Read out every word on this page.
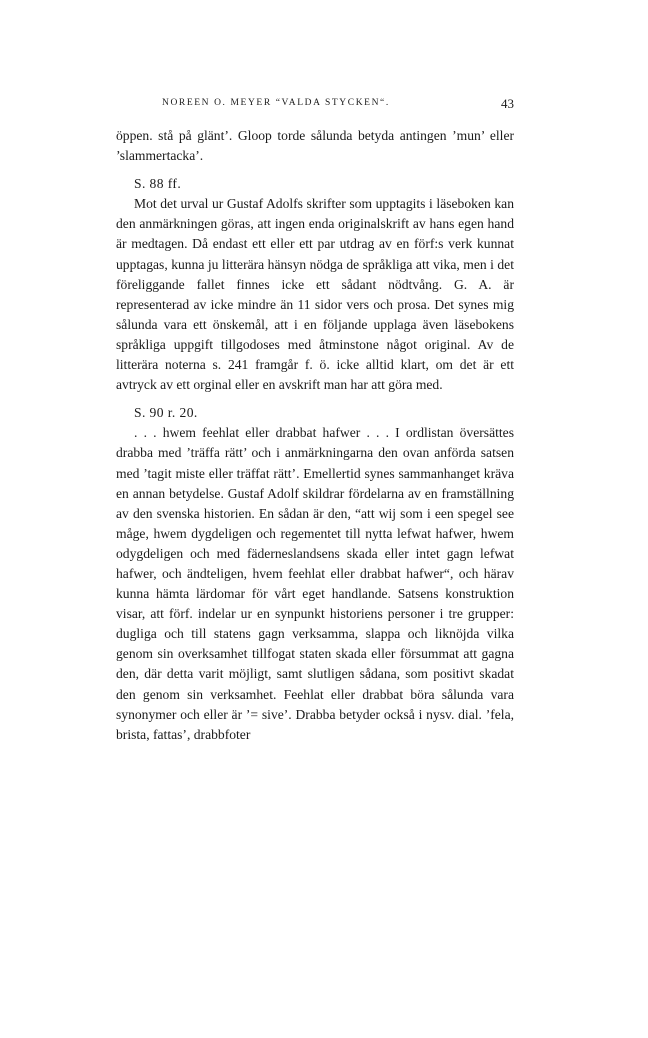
NOREEN O. MEYER “VALDA STYCKEN“.	43

öppen. stå på glänt’. Gloop torde sålunda betyda antingen ’mun’ eller ’slammertacka’.

S. 88 ff.

Mot det urval ur Gustaf Adolfs skrifter som upptagits i läseboken kan den anmärkningen göras, att ingen enda originalskrift av hans egen hand är medtagen. Då endast ett eller ett par utdrag av en förf:s verk kunnat upptagas, kunna ju litterära hänsyn nödga de språkliga att vika, men i det föreliggande fallet finnes icke ett sådant nödtvång. G. A. är representerad av icke mindre än 11 sidor vers och prosa. Det synes mig sålunda vara ett önskemål, att i en följande upplaga även läsebokens språkliga uppgift tillgodoses med åtminstone något original. Av de litterära noterna s. 241 framgår f. ö. icke alltid klart, om det är ett avtryck av ett orginal eller en avskrift man har att göra med.

S. 90 r. 20.

. . . hwem feehlat eller drabbat hafwer . . . I ordlistan översättes drabba med ’träffa rätt’ och i anmärkningarna den ovan anförda satsen med ’tagit miste eller träffat rätt’. Emellertid synes sammanhanget kräva en annan betydelse. Gustaf Adolf skildrar fördelarna av en framställning av den svenska historien. En sådan är den, “att wij som i een spegel see måge, hwem dygdeligen och regementet till nytta lefwat hafwer, hwem odygdeligen och med fäderneslandsens skada eller intet gagn lefwat hafwer, och ändteligen, hvem feehlat eller drabbat hafwer“, och härav kunna hämta lärdomar för vårt eget handlande. Satsens konstruktion visar, att förf. indelar ur en synpunkt historiens personer i tre grupper: dugliga och till statens gagn verksamma, slappa och liknöjda vilka genom sin overksamhet tillfogat staten skada eller försummat att gagna den, där detta varit möjligt, samt slutligen sådana, som positivt skadat den genom sin verksamhet. Feehlat eller drabbat böra sålunda vara synonymer och eller är ’= sive’. Drabba betyder också i nysv. dial. ’fela, brista, fattas’, drabbfoter
